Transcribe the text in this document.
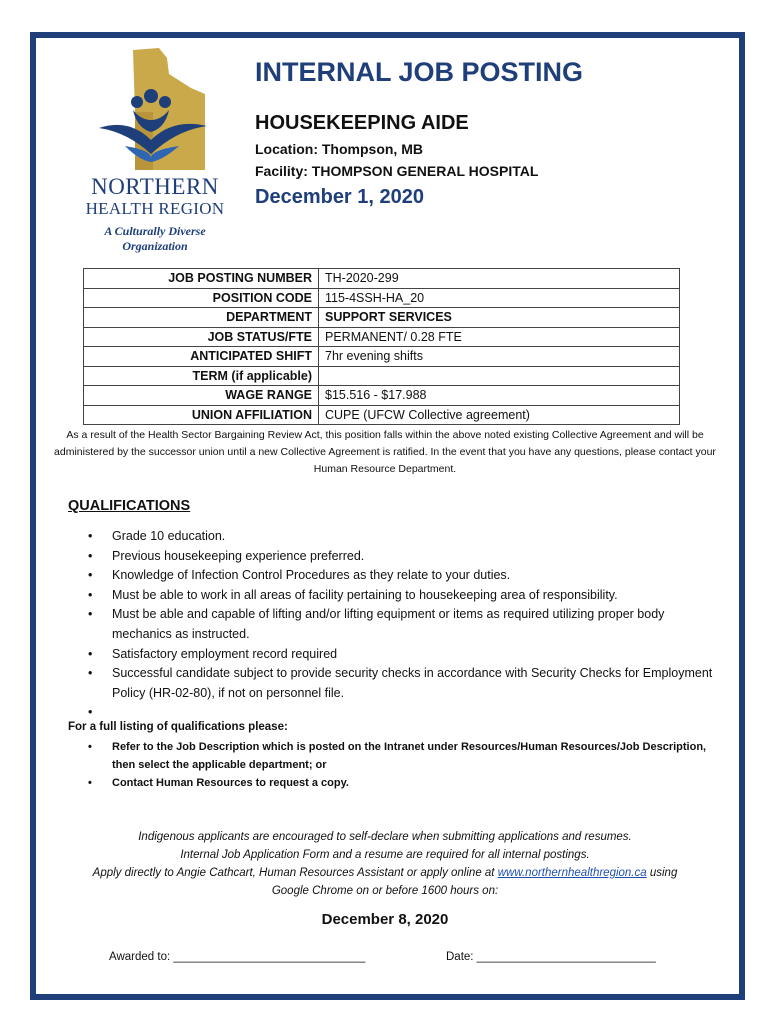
NORTHERN
HEALTH REGION
A Culturally Diverse
Organization
INTERNAL JOB POSTING
HOUSEKEEPING AIDE
Location: Thompson, MB
Facility: THOMPSON GENERAL HOSPITAL
December 1, 2020
JOB POSTING NUMBER	TH-2020-299
POSITION CODE	115-4SSH-HA_20
DEPARTMENT	SUPPORT SERVICES
JOB STATUS/FTE	PERMANENT/ 0.28 FTE
ANTICIPATED SHIFT	7hr evening shifts
TERM (if applicable)	
WAGE RANGE	$15.516 - $17.988
UNION AFFILIATION	CUPE (UFCW Collective agreement)
As a result of the Health Sector Bargaining Review Act, this position falls within the above noted existing Collective Agreement and will be administered by the successor union until a new Collective Agreement is ratified. In the event that you have any questions, please contact your Human Resource Department.
QUALIFICATIONS
• Grade 10 education.
• Previous housekeeping experience preferred.
• Knowledge of Infection Control Procedures as they relate to your duties.
• Must be able to work in all areas of facility pertaining to housekeeping area of responsibility.
• Must be able and capable of lifting and/or lifting equipment or items as required utilizing proper body mechanics as instructed.
• Satisfactory employment record required
• Successful candidate subject to provide security checks in accordance with Security Checks for Employment Policy (HR-02-80), if not on personnel file.
•
For a full listing of qualifications please:
• Refer to the Job Description which is posted on the Intranet under Resources/Human Resources/Job Description, then select the applicable department; or
• Contact Human Resources to request a copy.
Indigenous applicants are encouraged to self-declare when submitting applications and resumes.
Internal Job Application Form and a resume are required for all internal postings.
Apply directly to Angie Cathcart, Human Resources Assistant or apply online at www.northernhealthregion.ca using
Google Chrome on or before 1600 hours on:
December 8, 2020
Awarded to: ______________________________	Date: ____________________________
